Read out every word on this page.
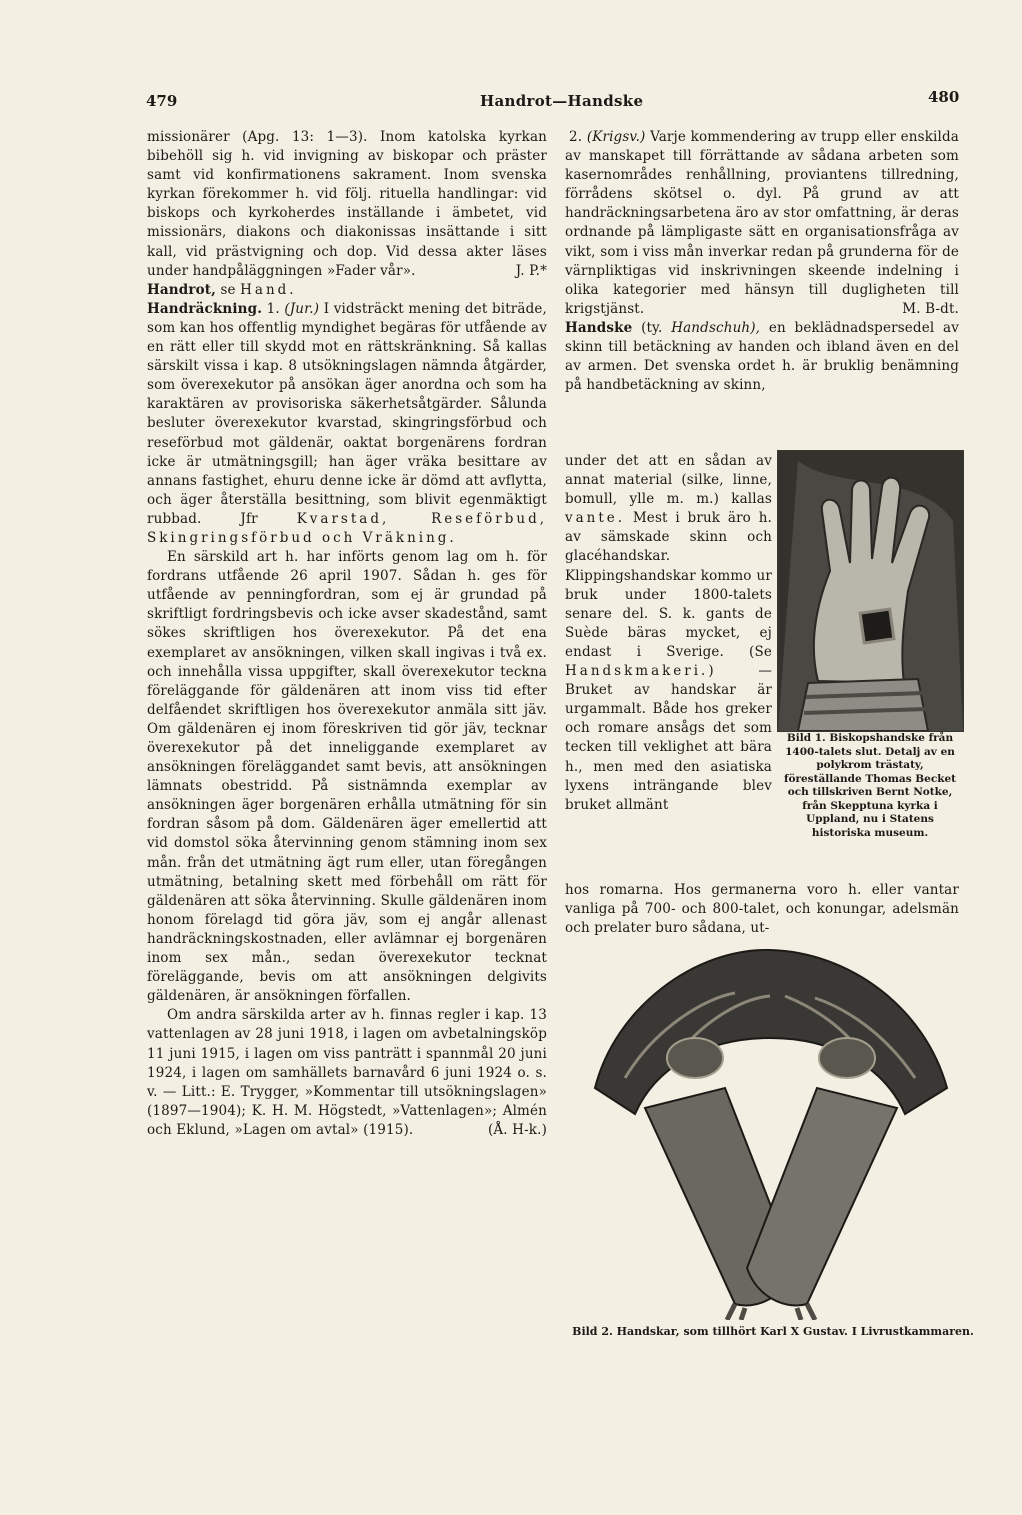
479	Handrot—Handske	480

missionärer (Apg. 13: 1—3). Inom katolska kyrkan bibehöll sig h. vid invigning av biskopar och präster samt vid konfirmationens sakrament. Inom svenska kyrkan förekommer h. vid följ. rituella handlingar: vid biskops och kyrkoherdes inställande i ämbetet, vid missionärs, diakons och diakonissas insättande i sitt kall, vid prästvigning och dop. Vid dessa akter läses under handpåläggningen »Fader vår».	J. P.*

Handrot, se Hand.

Handräckning. 1. (Jur.) I vidsträckt mening det biträde, som kan hos offentlig myndighet begäras för utfående av en rätt eller till skydd mot en rättskränkning. Så kallas särskilt vissa i kap. 8 utsökningslagen nämnda åtgärder, som överexekutor på ansökan äger anordna och som ha karaktären av provisoriska säkerhetsåtgärder. Sålunda besluter överexekutor kvarstad, skingringsförbud och reseförbud mot gäldenär, oaktat borgenärens fordran icke är utmätningsgill; han äger vräka besittare av annans fastighet, ehuru denne icke är dömd att avflytta, och äger återställa besittning, som blivit egenmäktigt rubbad. Jfr	Kvarstad, Reseförbud, Skingringsförbud och Vräkning.

En särskild art h. har införts genom lag om h. för fordrans utfående 26 april 1907. Sådan h. ges för utfående av penningfordran, som ej är grundad på skriftligt fordringsbevis och icke avser skadestånd, samt sökes skriftligen hos överexekutor. På det ena exemplaret av ansökningen, vilken skall ingivas i två ex. och innehålla vissa uppgifter, skall överexekutor teckna föreläggande för gäldenären att inom viss tid efter delfåendet skriftligen hos överexekutor anmäla sitt jäv. Om gäldenären ej inom föreskriven tid gör jäv, tecknar överexekutor på det inneliggande exemplaret av ansökningen föreläggandet samt bevis, att ansökningen lämnats obestridd. På sistnämnda exemplar av ansökningen äger borgenären erhålla utmätning för sin fordran såsom på dom. Gäldenären äger emellertid att vid domstol söka återvinning genom stämning inom sex mån. från det utmätning ägt rum eller, utan föregången utmätning, betalning skett med förbehåll om rätt för gäldenären att söka återvinning. Skulle gäldenären inom honom förelagd tid göra jäv, som ej angår allenast handräckningskostnaden, eller avlämnar ej borgenären inom sex mån., sedan överexekutor tecknat föreläggande, bevis om att ansökningen delgivits gäldenären, är ansökningen förfallen.

Om andra särskilda arter av h. finnas regler i kap. 13 vattenlagen av 28 juni 1918, i lagen om avbetalningsköp 11 juni 1915, i lagen om viss panträtt i spannmål 20 juni 1924, i lagen om samhällets barnavård 6 juni 1924 o. s. v. — Litt.: E. Trygger, »Kommentar till utsökningslagen» (1897—1904); K. H. M. Högstedt, »Vattenlagen»; Almén och Eklund, »Lagen om avtal» (1915).	(Å. H-k.)

2. (Krigsv.) Varje kommendering av trupp eller enskilda av manskapet till förrättande av sådana arbeten som kasernområdes renhållning, proviantens tillredning, förrådens skötsel o. dyl. På grund av att handräckningsarbetena äro av stor omfattning, är deras ordnande på lämpligaste sätt en organisationsfråga av vikt, som i viss mån inverkar redan på grunderna för de värnpliktigas vid inskrivningen skeende indelning i olika kategorier med hänsyn till dugligheten till krigstjänst.	M. B-dt.

Handske (ty. Handschuh), en beklädnadspersedel av skinn till betäckning av handen och ibland även en del av armen. Det svenska ordet h. är bruklig benämning på handbetäckning av skinn,

under det att en sådan av annat material (silke, linne, bomull, ylle m. m.) kallas vante. Mest i bruk äro h. av sämskade skinn och glacéhandskar. Klippingshandskar kommo ur bruk under 1800-talets senare del. S. k. gants de Suède bäras mycket, ej endast i Sverige. (Se Handskmakeri.)	— Bruket av handskar är urgammalt. Både hos greker och romare ansågs det som tecken till veklighet att bära h., men med den asiatiska lyxens inträngande blev bruket allmänt

Bild 1. Biskopshandske från 1400-talets slut. Detalj av en polykrom trästaty, föreställande Thomas Becket och tillskriven Bernt Notke, från Skepptuna kyrka i Uppland, nu i Statens historiska museum.

hos romarna. Hos germanerna voro h. eller vantar vanliga på 700- och 800-talet, och konungar, adelsmän och prelater buro sådana, ut-

Bild 2. Handskar, som tillhört Karl X Gustav. I Livrustkammaren.
